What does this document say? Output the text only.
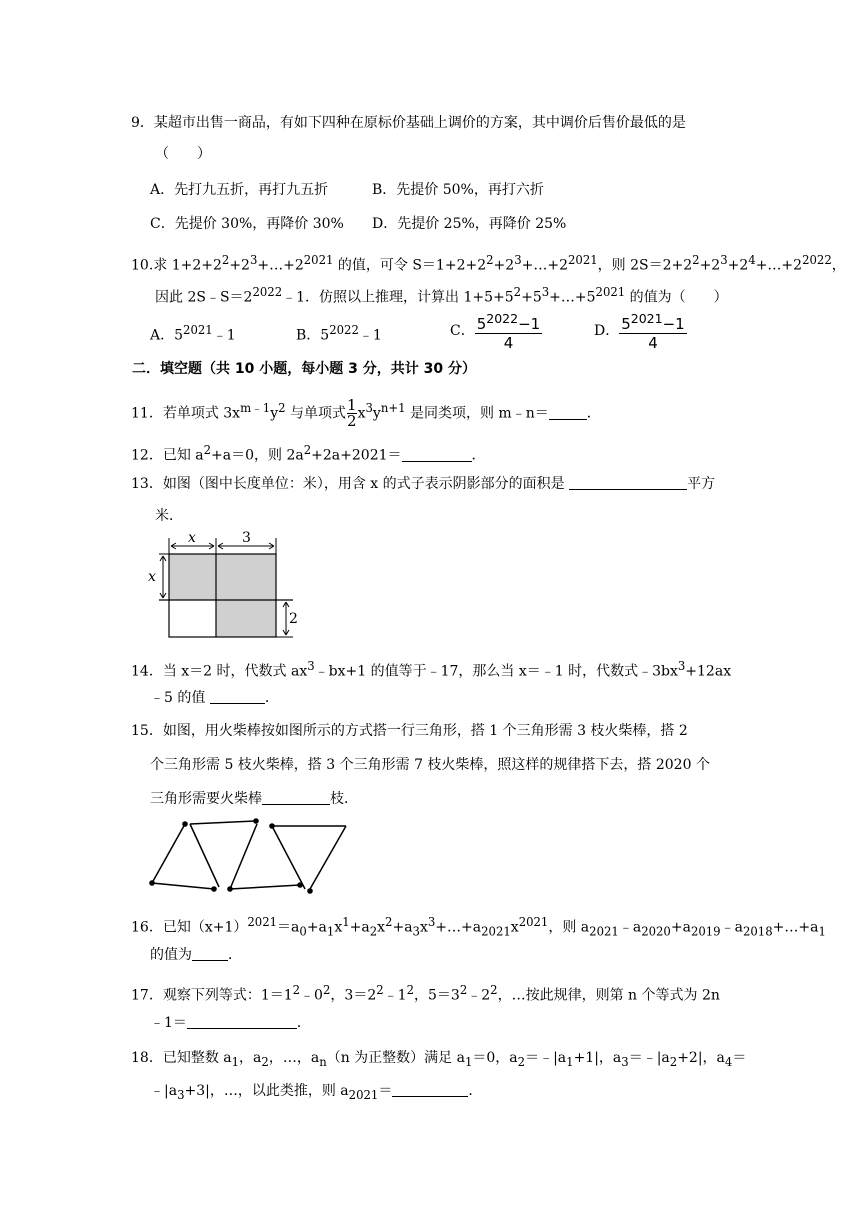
9．某超市出售一商品，有如下四种在原标价基础上调价的方案，其中调价后售价最低的是
（　　）
A．先打九五折，再打九五折	B．先提价 50%，再打六折
C．先提价 30%，再降价 30% D．先提价 25%，再降价 25%
10.求 $1+2+2^2+2^3+\dots+2^{2021}$ 的值，可令 $S=1+2+2^2+2^3+\dots+2^{2021}$，则 $2S=2+2^2+2^3+2^4+\dots+2^{2022}$，
因此 $2S﹣S=2^{2022}﹣1$．仿照以上推理，计算出 $1+5+5^2+5^3+\dots+5^{2021}$ 的值为（　　）
A．$5^{2021}﹣1$	B．$5^{2022}﹣1$	C． $\frac{5^{2022}-1}{4}$	D． $\frac{5^{2021}-1}{4}$
二．填空题（共 10 小题，每小题 3 分，共计 30 分）
11．若单项式 $3x^{m﹣1}y^2$ 与单项式 $\frac{1}{2} x^3y^{n+1}$ 是同类项，则 m﹣n＝	．
12．已知 $a^2+a=0$，则 $2a^2+2a+2021=$	．
13．如图（图中长度单位：米），用含 x 的式子表示阴影部分的面积是	平方
米．
x	3
x
2
14．当 x＝2 时，代数式 $ax^3﹣bx+1$ 的值等于﹣17，那么当 x＝﹣1 时，代数式$﹣3bx^3+12ax$
﹣5 的值	．
15．如图，用火柴棒按如图所示的方式搭一行三角形，搭 1 个三角形需 3 枝火柴棒，搭 2
个三角形需 5 枝火柴棒，搭 3 个三角形需 7 枝火柴棒，照这样的规律搭下去，搭 2020 个
三角形需要火柴棒	枝．
16．已知$(x+1)^{2021}=a_0+a_1x^1+a_2x^2+a_3x^3+\dots+a_{2021}x^{2021}$，则 $a_{2021}﹣a_{2020}+a_{2019}﹣a_{2018}+\dots+a_1$
的值为	．
17．观察下列等式：$1=1^2﹣0^2$，$3=2^2﹣1^2$，$5=3^2﹣2^2$，…按此规律，则第 n 个等式为 2n
﹣1＝	．
18．已知整数 $a_1$，$a_2$，…，$a_n(n$ 为正整数）满足 $a_1=0$，$a_2=﹣|a_1+1|$，$a_3=﹣|a_2+2|$，$a_4=$
$﹣|a_3+3|$，…，以此类推，则 $a_{2021}=$	．
